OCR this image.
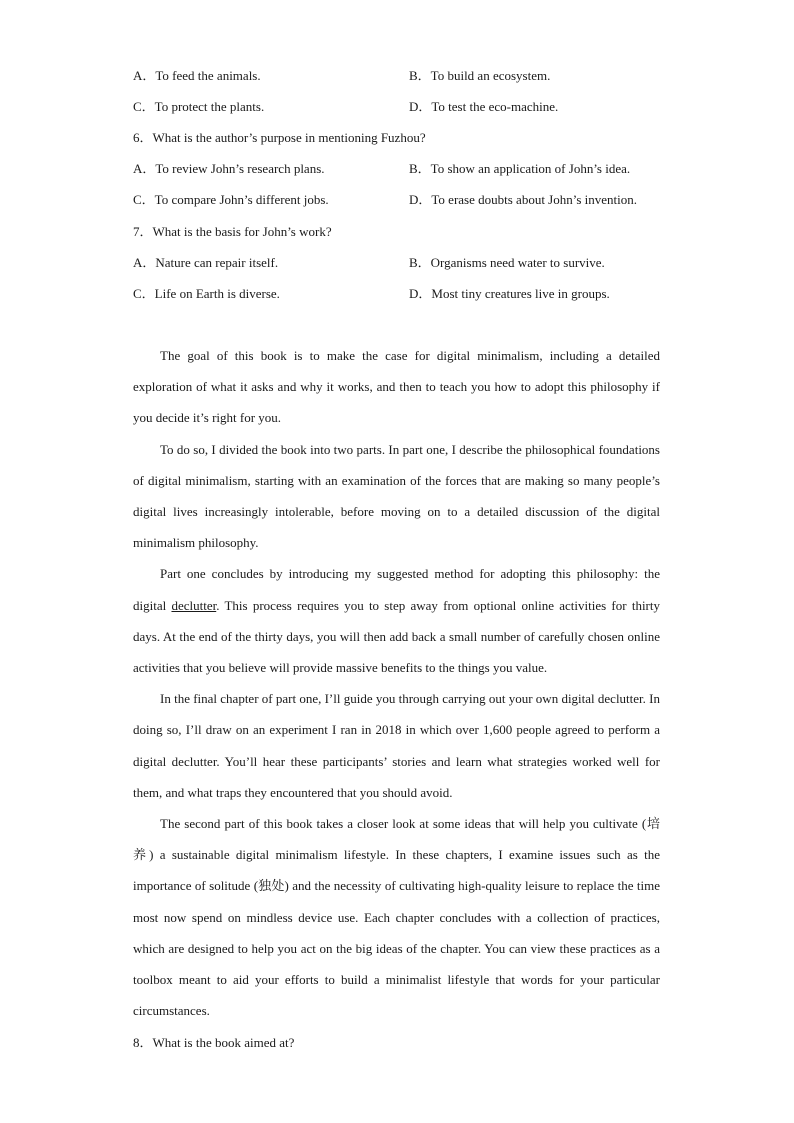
A．To feed the animals.	B．To build an ecosystem.
C．To protect the plants.	D．To test the eco-machine.
6．What is the author’s purpose in mentioning Fuzhou?
A．To review John’s research plans.	B．To show an application of John’s idea.
C．To compare John’s different jobs.	D．To erase doubts about John’s invention.
7．What is the basis for John’s work?
A．Nature can repair itself.	B．Organisms need water to survive.
C．Life on Earth is diverse.	D．Most tiny creatures live in groups.

The goal of this book is to make the case for digital minimalism, including a detailed exploration of what it asks and why it works, and then to teach you how to adopt this philosophy if you decide it’s right for you.

To do so, I divided the book into two parts. In part one, I describe the philosophical foundations of digital minimalism, starting with an examination of the forces that are making so many people’s digital lives increasingly intolerable, before moving on to a detailed discussion of the digital minimalism philosophy.

Part one concludes by introducing my suggested method for adopting this philosophy: the digital declutter. This process requires you to step away from optional online activities for thirty days. At the end of the thirty days, you will then add back a small number of carefully chosen online activities that you believe will provide massive benefits to the things you value.

In the final chapter of part one, I’ll guide you through carrying out your own digital declutter. In doing so, I’ll draw on an experiment I ran in 2018 in which over 1,600 people agreed to perform a digital declutter. You’ll hear these participants’ stories and learn what strategies worked well for them, and what traps they encountered that you should avoid.

The second part of this book takes a closer look at some ideas that will help you cultivate (培养) a sustainable digital minimalism lifestyle. In these chapters, I examine issues such as the importance of solitude (独处) and the necessity of cultivating high-quality leisure to replace the time most now spend on mindless device use. Each chapter concludes with a collection of practices, which are designed to help you act on the big ideas of the chapter. You can view these practices as a toolbox meant to aid your efforts to build a minimalist lifestyle that words for your particular circumstances.

8．What is the book aimed at?
